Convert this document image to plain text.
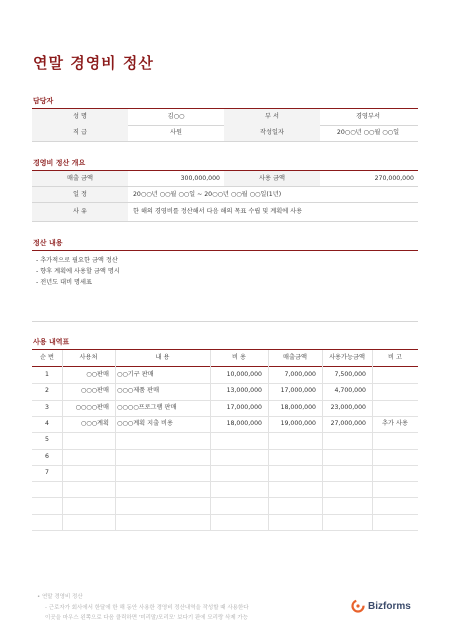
연말 경영비 정산
담당자
성 명	김○○	부 서	경영부서
직 급	사원	작성일자	20○○년 ○○월 ○○일
경영비 정산 개요
매출 금액	300,000,000	사용 금액	270,000,000
일 정	20○○년 ○○월 ○○일 ~ 20○○년 ○○월 ○○일(1년)
사 유	한 해의 경영비를 정산해서 다음 해의 목표 수립 및 계획에 사용
정산 내용
- 추가적으로 필요한 금액 정산
- 향후 계획에 사용할 금액 명시
- 전년도 대비 명세표
사용 내역표
순 번	사용처	내 용	비 용	매출금액	사용가능금액	비 고
1	○○판매	○○기구 판매	10,000,000	7,000,000	7,500,000
2	○○○판매	○○○제품 판매	13,000,000	17,000,000	4,700,000
3	○○○○판매	○○○○프로그램 판매	17,000,000	18,000,000	23,000,000
4	○○○계획	○○○계획 지출 비용	18,000,000	19,000,000	27,000,000	추가 사용
5
6
7
• 연말 경영비 정산
- 근로자가 회사에서 한달에 한 해 동안 사용한 경영비 정산내역을 작성할 때 사용한다
이곳을 마우스 왼쪽으로 다음 클릭하면 '미리말/모리모' 보다기 판에 모리랑 삭제 가능
Bizforms
